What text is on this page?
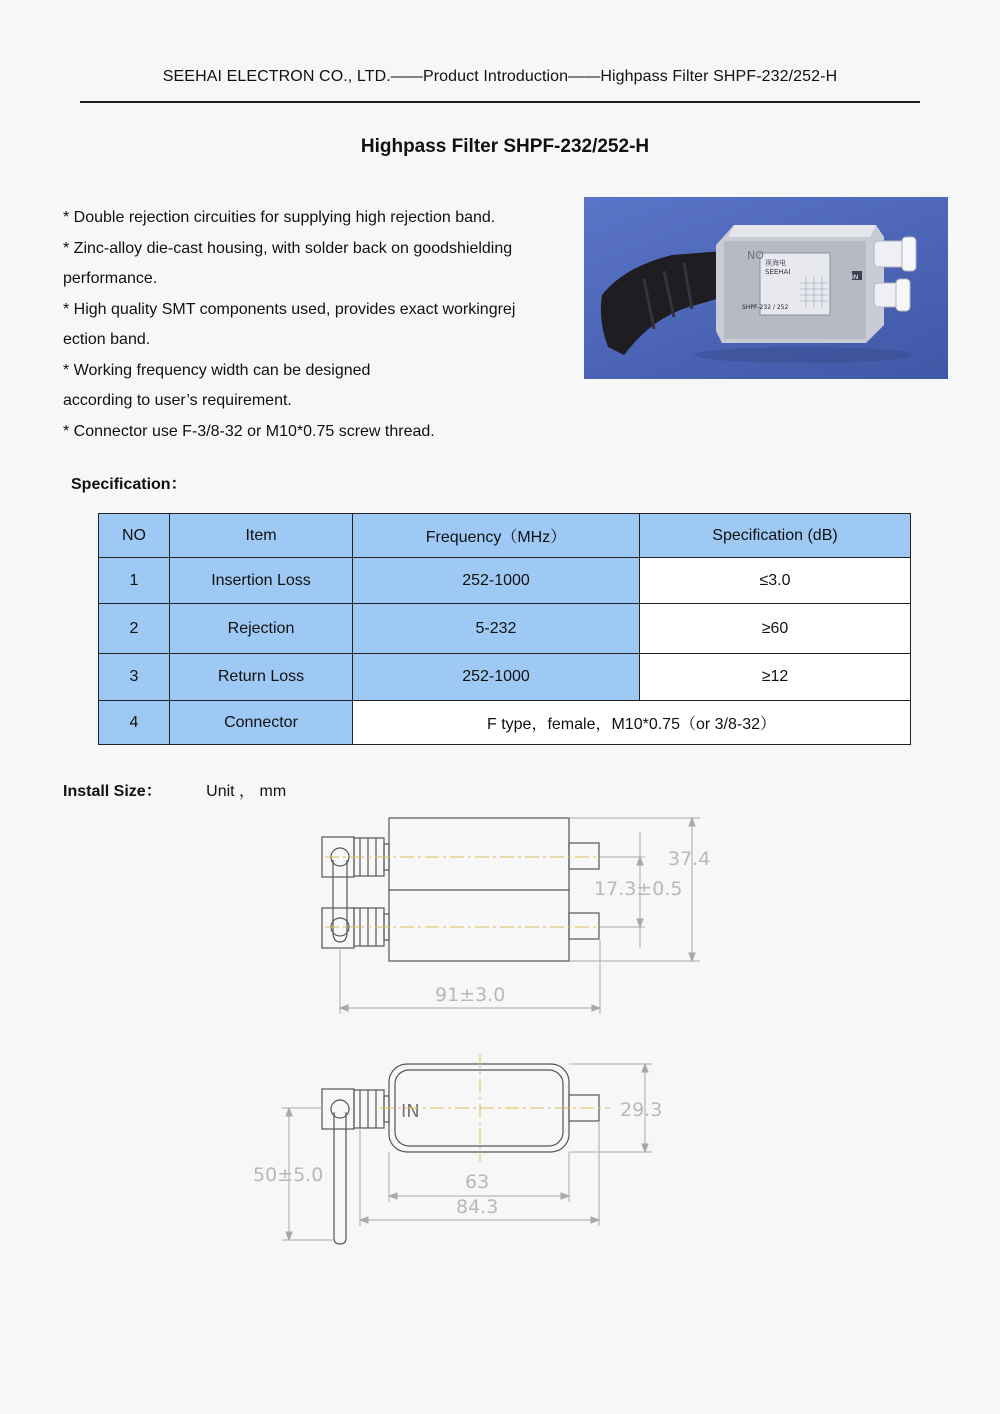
SEEHAI ELECTRON CO., LTD.——Product Introduction——Highpass Filter SHPF-232/252-H
Highpass Filter SHPF-232/252-H

* Double rejection circuities for supplying high rejection band.

* Zinc-alloy die-cast housing, with solder back on goodshielding

performance.

* High quality SMT components used, provides exact workingrej

ection band.

* Working frequency width can be designed

according to user’s requirement.

* Connector use F-3/8-32 or M10*0.75 screw thread.

NO
视海电
SEEHAI
SHPF-232 / 252
IN
Specification：
NO	Item	Frequency（MHz）	Specification (dB)
1	Insertion Loss	252-1000	≤3.0
2	Rejection	5-232	≥60
3	Return Loss	252-1000	≥12
4	Connector	F type，female，M10*0.75（or 3/8-32）	
Install Size：	Unit ， mm
37.4
17.3±0.5
91±3.0
IN	29.3
63
84.3
50±5.0
